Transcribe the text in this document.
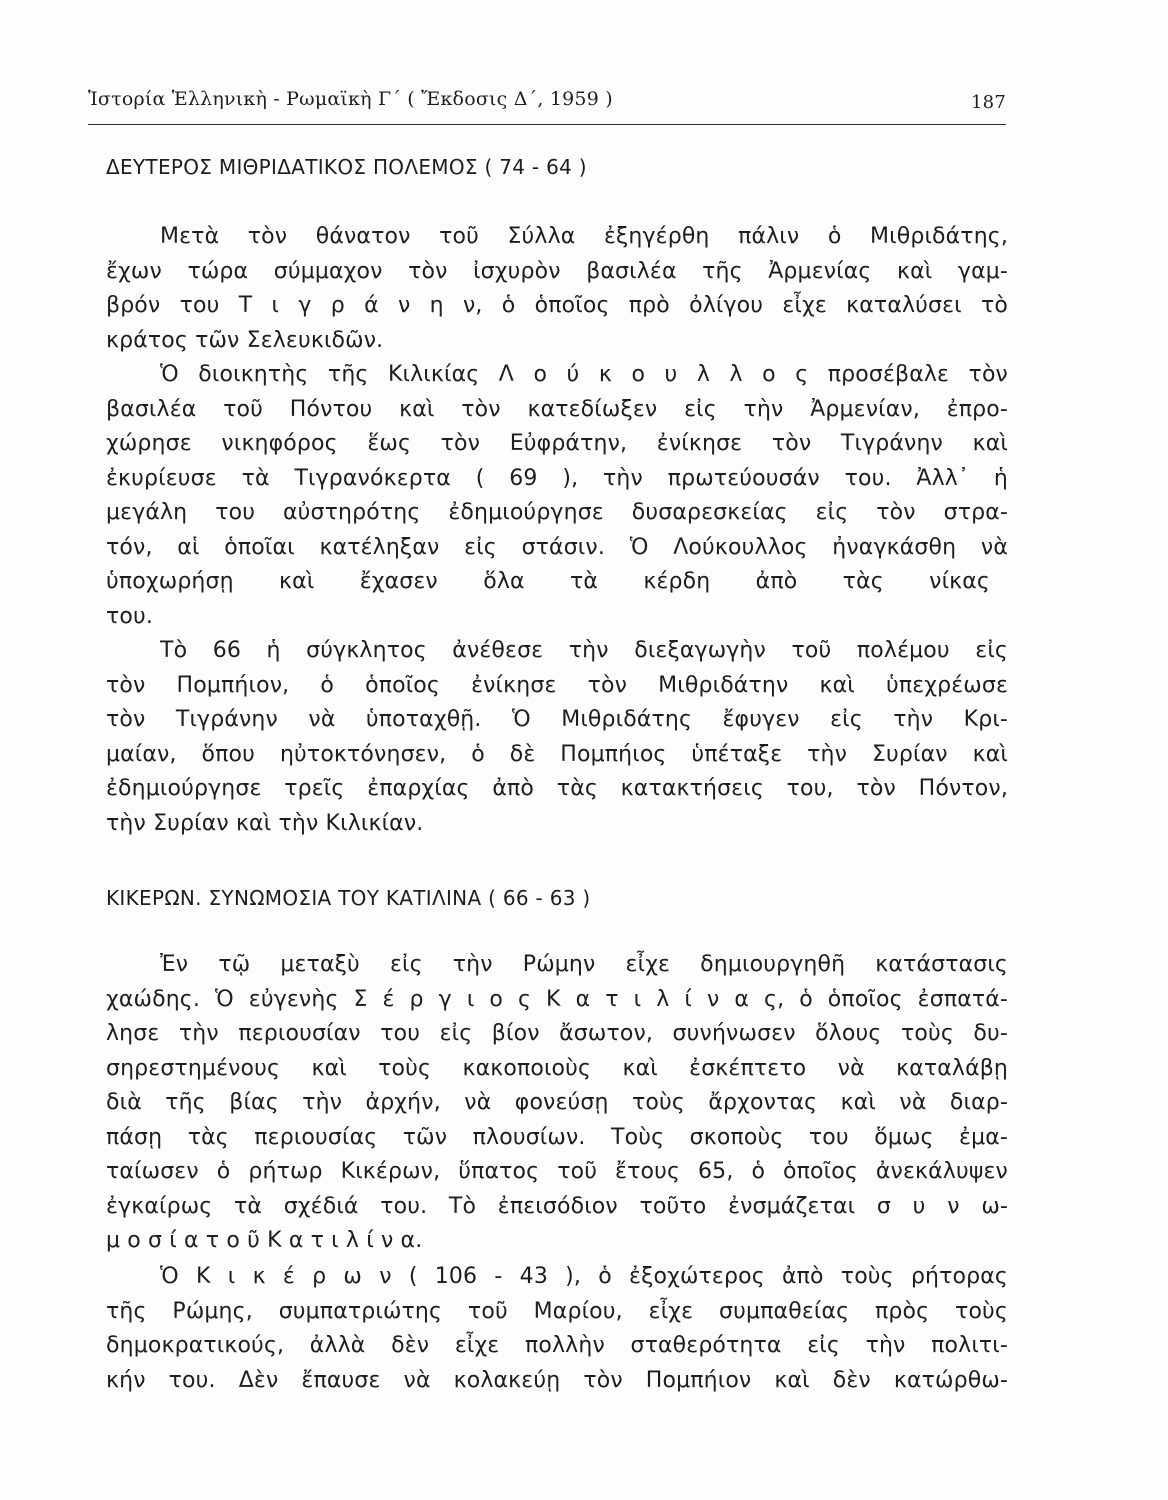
Ἱστορία Ἑλληνικὴ - Ρωμαϊκὴ Γ΄ ( Ἔκδοσις Δ΄, 1959 )	187
ΔΕΥΤΕΡΟΣ ΜΙΘΡΙΔΑΤΙΚΟΣ ΠΟΛΕΜΟΣ ( 74 - 64 )
Μετὰ τὸν θάνατον τοῦ Σύλλα ἐξηγέρθη πάλιν ὁ Μιθριδάτης,
ἔχων τώρα σύμμαχον τὸν ἰσχυρὸν βασιλέα τῆς Ἀρμενίας καὶ γαμ-
βρόν του Τ ι γ ρ ά ν η ν, ὁ ὁποῖος πρὸ ὀλίγου εἶχε καταλύσει τὸ
κράτος τῶν Σελευκιδῶν.
Ὁ διοικητὴς τῆς Κιλικίας Λ ο ύ κ ο υ λ λ ο ς προσέβαλε τὸν
βασιλέα τοῦ Πόντου καὶ τὸν κατεδίωξεν εἰς τὴν Ἀρμενίαν, ἐπρο-
χώρησε νικηφόρος ἕως τὸν Εὐφράτην, ἐνίκησε τὸν Τιγράνην καὶ
ἐκυρίευσε τὰ Τιγρανόκερτα ( 69 ), τὴν πρωτεύουσάν του. Ἀλλ᾽ ἡ
μεγάλη του αὐστηρότης ἐδημιούργησε δυσαρεσκείας εἰς τὸν στρα-
τόν, αἱ ὁποῖαι κατέληξαν εἰς στάσιν. Ὁ Λούκουλλος ἠναγκάσθη νὰ
ὑποχωρήσῃ καὶ ἔχασεν ὅλα τὰ κέρδη ἀπὸ τὰς νίκας
του.
Τὸ 66 ἡ σύγκλητος ἀνέθεσε τὴν διεξαγωγὴν τοῦ πολέμου εἰς
τὸν Πομπήιον, ὁ ὁποῖος ἐνίκησε τὸν Μιθριδάτην καὶ ὑπεχρέωσε
τὸν Τιγράνην νὰ ὑποταχθῇ. Ὁ Μιθριδάτης ἔφυγεν εἰς τὴν Κρι-
μαίαν, ὅπου ηὐτοκτόνησεν, ὁ δὲ Πομπήιος ὑπέταξε τὴν Συρίαν καὶ
ἐδημιούργησε τρεῖς ἐπαρχίας ἀπὸ τὰς κατακτήσεις του, τὸν Πόντον,
τὴν Συρίαν καὶ τὴν Κιλικίαν.
ΚΙΚΕΡΩΝ. ΣΥΝΩΜΟΣΙΑ ΤΟΥ ΚΑΤΙΛΙΝΑ ( 66 - 63 )
Ἐν τῷ μεταξὺ εἰς τὴν Ρώμην εἶχε δημιουργηθῆ κατάστασις
χαώδης. Ὁ εὐγενὴς Σ έ ρ γ ι ο ς Κ α τ ι λ ί ν α ς, ὁ ὁποῖος ἐσπατά-
λησε τὴν περιουσίαν του εἰς βίον ἄσωτον, συνήνωσεν ὅλους τοὺς δυ-
σηρεστημένους καὶ τοὺς κακοποιοὺς καὶ ἐσκέπτετο νὰ καταλάβῃ
διὰ τῆς βίας τὴν ἀρχήν, νὰ φονεύσῃ τοὺς ἄρχοντας καὶ νὰ διαρ-
πάσῃ τὰς περιουσίας τῶν πλουσίων. Τοὺς σκοποὺς του ὅμως ἐμα-
ταίωσεν ὁ ρήτωρ Κικέρων, ὕπατος τοῦ ἔτους 65, ὁ ὁποῖος ἀνεκάλυψεν
ἐγκαίρως τὰ σχέδιά του. Τὸ ἐπεισόδιον τοῦτο ἐνσμάζεται σ υ ν ω-
μ ο σ ί α τ ο ῦ Κ α τ ι λ ί ν α.
Ὁ Κ ι κ έ ρ ω ν ( 106 - 43 ), ὁ ἐξοχώτερος ἀπὸ τοὺς ρήτορας
τῆς Ρώμης, συμπατριώτης τοῦ Μαρίου, εἶχε συμπαθείας πρὸς τοὺς
δημοκρατικούς, ἀλλὰ δὲν εἶχε πολλὴν σταθερότητα εἰς τὴν πολιτι-
κήν του. Δὲν ἔπαυσε νὰ κολακεύῃ τὸν Πομπήιον καὶ δὲν κατώρθω-
